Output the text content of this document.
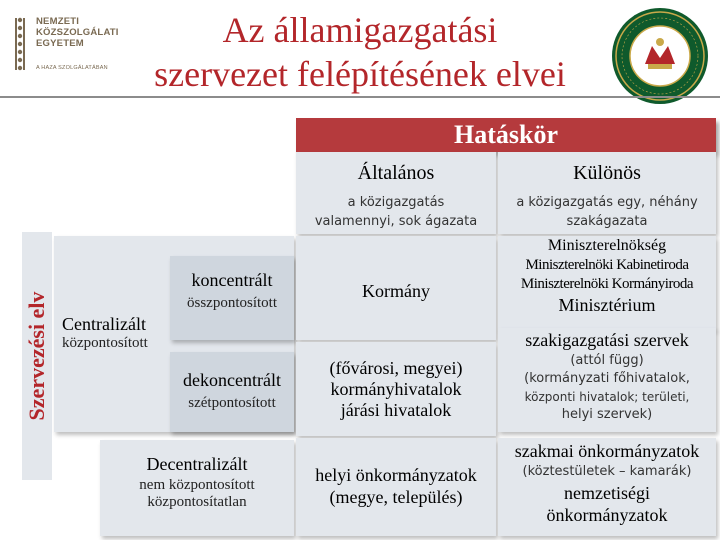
NEMZETI
KÖZSZOLGÁLATI
EGYETEM
A HAZA SZOLGÁLATÁBAN
Az államigazgatási
szervezet felépítésének elvei
Hatáskör
Általános
a közigazgatás valamennyi, sok ágazata
Különös
a közigazgatás egy, néhány szakágazata
Szervezési elv Centralizált
központosított
koncentrált
összpontosított
dekoncentrált
szétpontosított
Decentralizált
nem központosított
központosítatlan
Kormány
(fővárosi, megyei)
kormányhivatalok
járási hivatalok
helyi önkormányzatok
(megye, település)
Miniszterelnökség
Miniszterelnöki Kabinetiroda
Miniszterelnöki Kormányiroda
Minisztérium
szakigazgatási szervek
(attól függ)
(kormányzati főhivatalok,
központi hivatalok; területi,
helyi szervek)
szakmai önkormányzatok
(köztestületek – kamarák)
nemzetiségi
önkormányzatok
